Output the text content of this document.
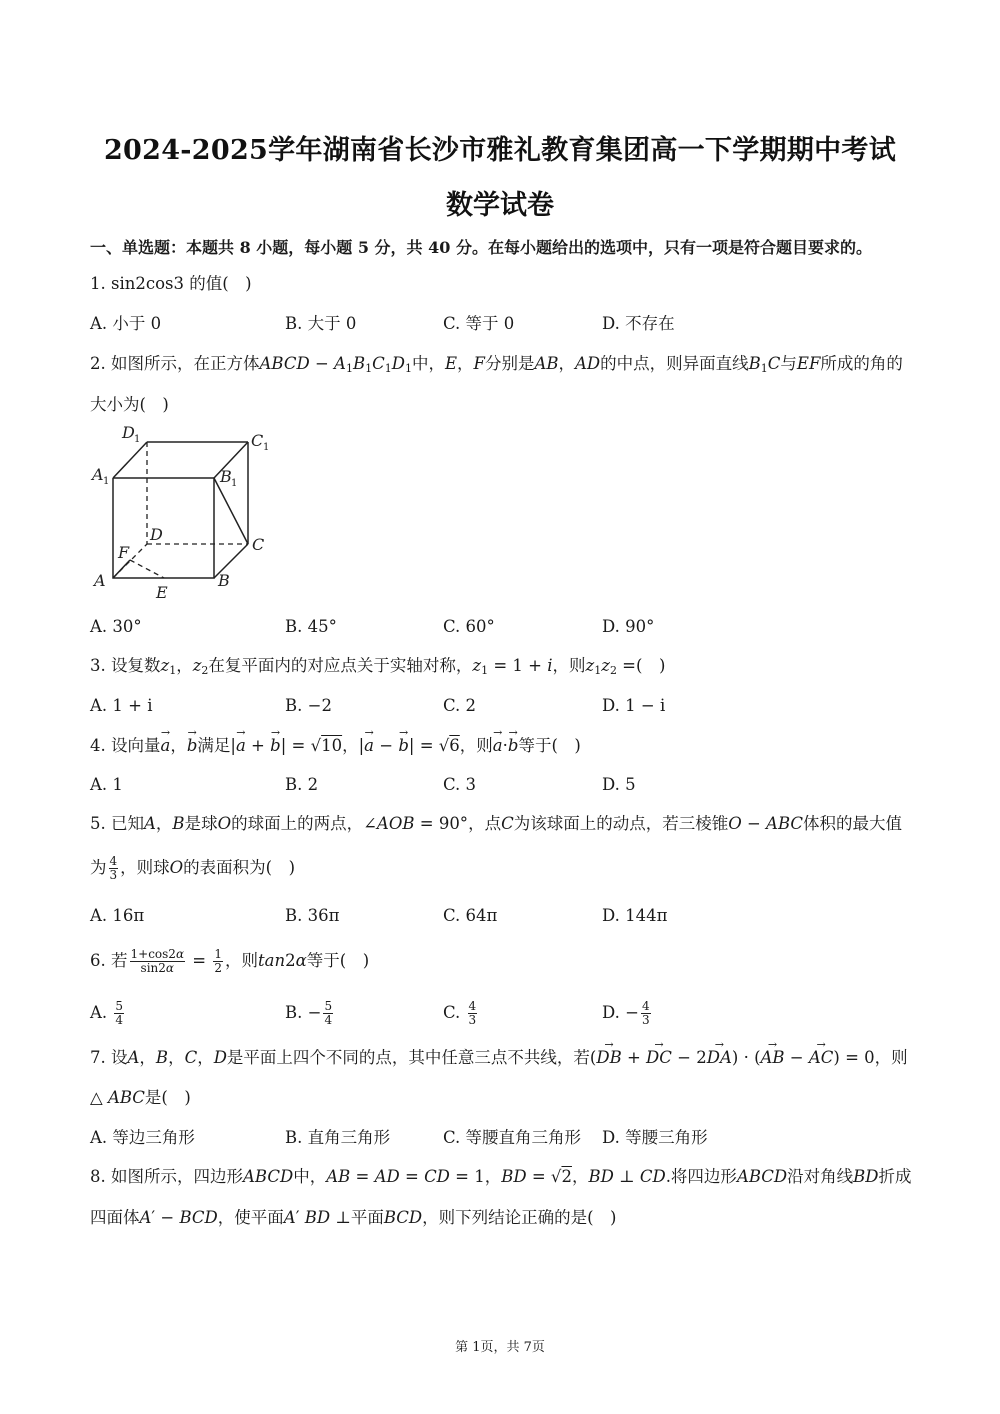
2024-2025学年湖南省长沙市雅礼教育集团高一下学期期中考试
数学试卷
一、单选题：本题共 8 小题，每小题 5 分，共 40 分。在每小题给出的选项中，只有一项是符合题目要求的。
1. sin2cos3 的值(　)
A. 小于 0	B. 大于 0	C. 等于 0	D. 不存在
2. 如图所示，在正方体ABCD − $A_1B_1C_1D_1$中，E，F分别是AB，AD的中点，则异面直线$B_1C$与EF所成的角的
大小为(　)
D 1	C 1
A 1	B 1
D
C
F
A
E
B
A. 30°	B. 45°	C. 60°	D. 90°
3. 设复数$z_1$，$z_2$在复平面内的对应点关于实轴对称，$z_1 = 1 + i$，则$z_1z_2$ =(　)
A. 1 + i	B. −2	C. 2	D. 1 − i
4. 设向量→ a，→ b满足|→ a + → b| = √10，|→ a − → b| = √6，则→ a·→ b等于(　)
A. 1	B. 2	C. 3	D. 5
5. 已知A，B是球O的球面上的两点，∠AOB = 90°，点C为该球面上的动点，若三棱锥O − ABC体积的最大值
为 $\frac{4}{3}$ ，则球O的表面积为(　)
A. 16π	B. 36π	C. 64π	D. 144π
6. 若 $\frac{1+\cos 2\alpha}{\sin 2\alpha} = \frac{1}{2}$ ，则tan2α等于(　)
A. $\frac{5}{4}$	B. − $\frac{5}{4}$	C. $\frac{4}{3}$	D. − $\frac{4}{3}$
7. 设A，B，C，D是平面上四个不同的点，其中任意三点不共线，若(→ DB + → DC − 2→ DA) · (→ AB − → AC) = 0，则
△ ABC是(　)
A. 等边三角形	B. 直角三角形	C. 等腰直角三角形 D. 等腰三角形
8. 如图所示，四边形ABCD中，AB = AD = CD = 1，BD = √2，BD ⊥ CD.将四边形ABCD沿对角线BD折成
四面体A′ − BCD，使平面A′ BD ⊥平面BCD，则下列结论正确的是(　)
第 1页，共 7页
